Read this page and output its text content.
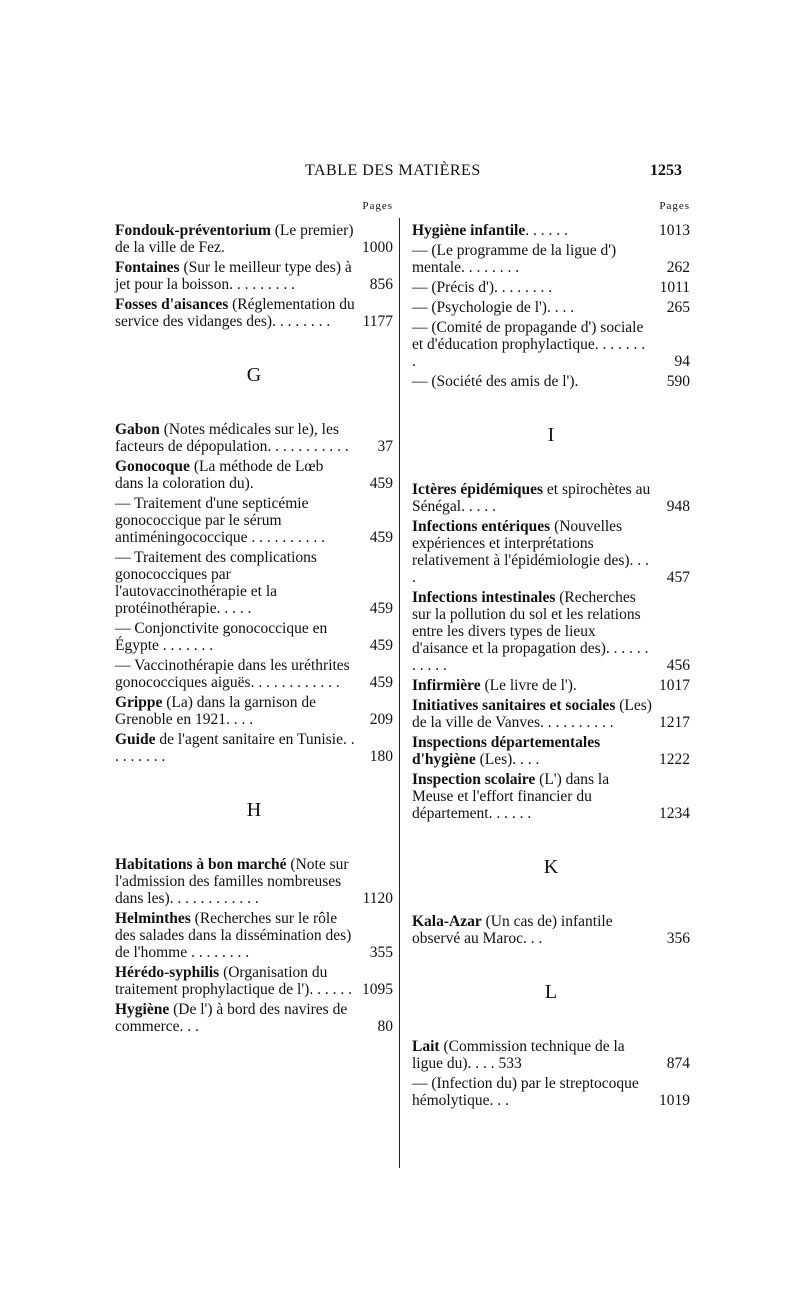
TABLE DES MATIÈRES	1253
Pages
Fondouk-préventorium (Le premier) de la ville de Fez.	1000
Fontaines (Sur le meilleur type des) à jet pour la boisson. . . . . . . . .	856
Fosses d'aisances (Réglementation du service des vidanges des). . . . . . . . 1177
G
Gabon (Notes médicales sur le), les facteurs de dépopulation. . . . . . . . . . . 37
Gonocoque (La méthode de Lœb dans la coloration du).	459
— Traitement d'une septicémie gonococcique par le sérum antiméningococcique . . . . . . . . . .	459
— Traitement des complications gonococciques par l'autovaccinothérapie et la protéinothérapie. . . . .	459
— Conjonctivite gonococcique en Égypte . . . . . . .	459
— Vaccinothérapie dans les uréthrites gonococciques aiguës. . . . . . . . . . . . 459
Grippe (La) dans la garnison de Grenoble en 1921. . . .	209
Guide de l'agent sanitaire en Tunisie. . . . . . . . .	180
H
Habitations à bon marché (Note sur l'admission des familles nombreuses dans les). . . . . . . . . . . .	1120
Helminthes (Recherches sur le rôle des salades dans la dissémination des) de l'homme . . . . . . . .	355
Hérédo-syphilis (Organisation du traitement prophylactique de l'). . . . . . 1095
Hygiène (De l') à bord des navires de commerce. . .	80
Pages
Hygiène infantile. . . . . .	1013
— (Le programme de la ligue d') mentale. . . . . . . .	262
— (Précis d'). . . . . . . .	1011
— (Psychologie de l'). . . .	265
— (Comité de propagande d') sociale et d'éducation prophylactique. . . . . . . .	94
— (Société des amis de l').	590
I
Ictères épidémiques et spirochètes au Sénégal. . . . .	948
Infections entériques (Nouvelles expériences et interprétations relativement à l'épidémiologie des). . . .	457
Infections intestinales (Recherches sur la pollution du sol et les relations entre les divers types de lieux d'aisance et la propagation des). . . . . . . . . . .	456
Infirmière (Le livre de l').	1017
Initiatives sanitaires et sociales (Les) de la ville de Vanves. . . . . . . . . .	1217
Inspections départementales d'hygiène (Les). . . .	1222
Inspection scolaire (L') dans la Meuse et l'effort financier du département. . . . . .	1234
K
Kala-Azar (Un cas de) infantile observé au Maroc. . .	356
L
Lait (Commission technique de la ligue du). . . . 533	874
— (Infection du) par le streptocoque hémolytique. . .	1019
